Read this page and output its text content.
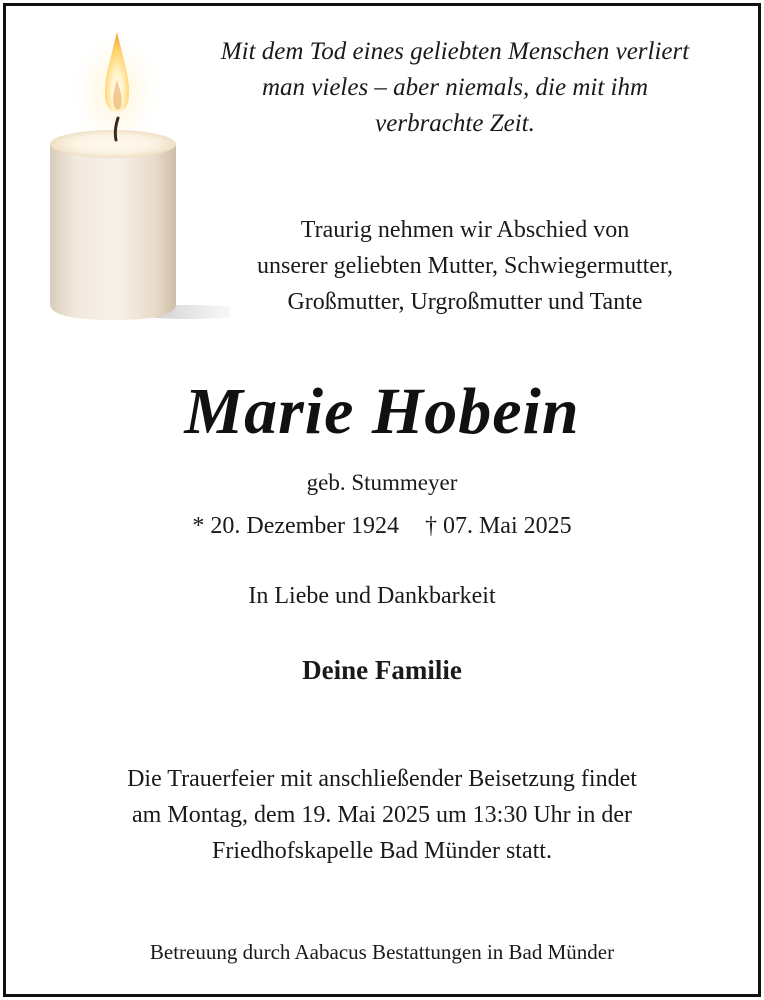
Mit dem Tod eines geliebten Menschen verliert
man vieles – aber niemals, die mit ihm
verbrachte Zeit.

Traurig nehmen wir Abschied von
unserer geliebten Mutter, Schwiegermutter,
Großmutter, Urgroßmutter und Tante

Marie Hobein

geb. Stummeyer

* 20. Dezember 1924 † 07. Mai 2025

In Liebe und Dankbarkeit

Deine Familie

Die Trauerfeier mit anschließender Beisetzung findet
am Montag, dem 19. Mai 2025 um 13:30 Uhr in der
Friedhofskapelle Bad Münder statt.

Betreuung durch Aabacus Bestattungen in Bad Münder
